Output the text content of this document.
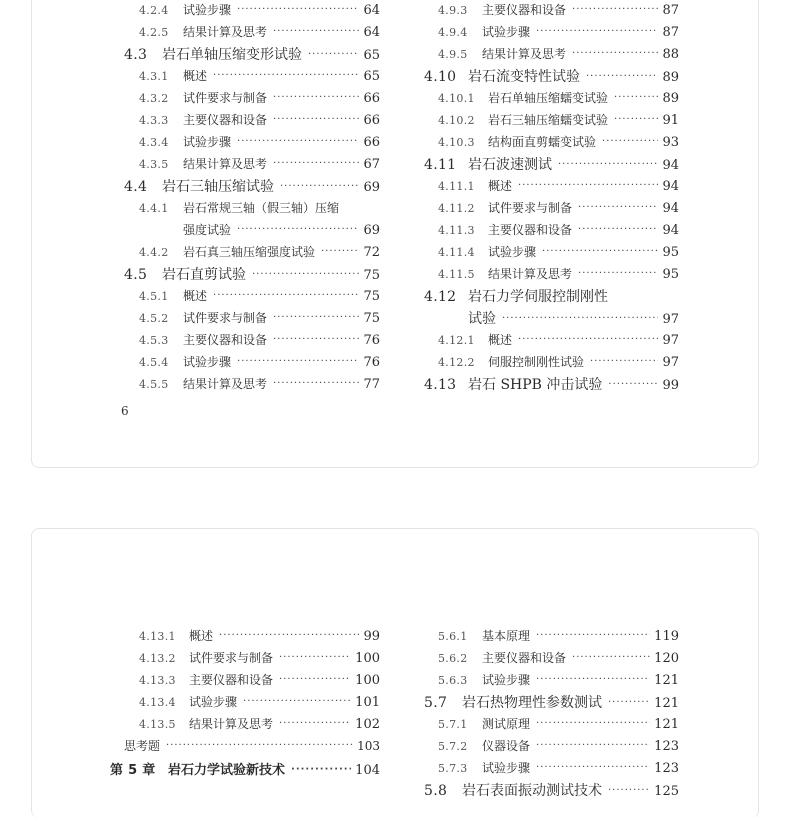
6
4.2.4	试验步骤 ·····	64
4.2.5	结果计算及思考 ·····	64
4.3	岩石单轴压缩变形试验 ·····	65
4.3.1	概述 ·····	65
4.3.2	试件要求与制备 ·····	66
4.3.3	主要仪器和设备 ·····	66
4.3.4	试验步骤 ·····	66
4.3.5	结果计算及思考 ·····	67
4.4	岩石三轴压缩试验 ·····	69
4.4.1	岩石常规三轴（假三轴）压缩
强度试验 ·····	69
4.4.2	岩石真三轴压缩强度试验 ·····	72
4.5	岩石直剪试验 ·····	75
4.5.1	概述 ·····	75
4.5.2	试件要求与制备 ·····	75
4.5.3	主要仪器和设备 ·····	76
4.5.4	试验步骤 ·····	76
4.5.5	结果计算及思考 ·····	77
4.9.3	主要仪器和设备 ·····	87
4.9.4	试验步骤 ·····	87
4.9.5	结果计算及思考 ·····	88
4.10 岩石流变特性试验 ·····	89
4.10.1	岩石单轴压缩蠕变试验 ·····	89
4.10.2	岩石三轴压缩蠕变试验 ·····	91
4.10.3	结构面直剪蠕变试验 ·····	93
4.11 岩石波速测试 ·····	94
4.11.1	概述 ·····	94
4.11.2	试件要求与制备 ·····	94
4.11.3	主要仪器和设备 ·····	94
4.11.4	试验步骤 ·····	95
4.11.5	结果计算及思考 ·····	95
4.12 岩石力学伺服控制刚性
试验 ·····	97
4.12.1	概述 ·····	97
4.12.2	伺服控制刚性试验 ·····	97
4.13 岩石 SHPB 冲击试验 ·····	99
4.13.1	概述 ·····	99
4.13.2	试件要求与制备 ·····	100
4.13.3	主要仪器和设备 ·····	100
4.13.4	试验步骤 ·····	101
4.13.5	结果计算及思考 ·····	102
思考题 ·····	103
第 5 章 岩石力学试验新技术 ·····	104
5.6.1	基本原理 ·····	119
5.6.2	主要仪器和设备 ·····	120
5.6.3	试验步骤 ·····	121
5.7	岩石热物理性参数测试 ·····	121
5.7.1	测试原理 ·····	121
5.7.2	仪器设备 ·····	123
5.7.3	试验步骤 ·····	123
5.8	岩石表面振动测试技术 ·····	125
